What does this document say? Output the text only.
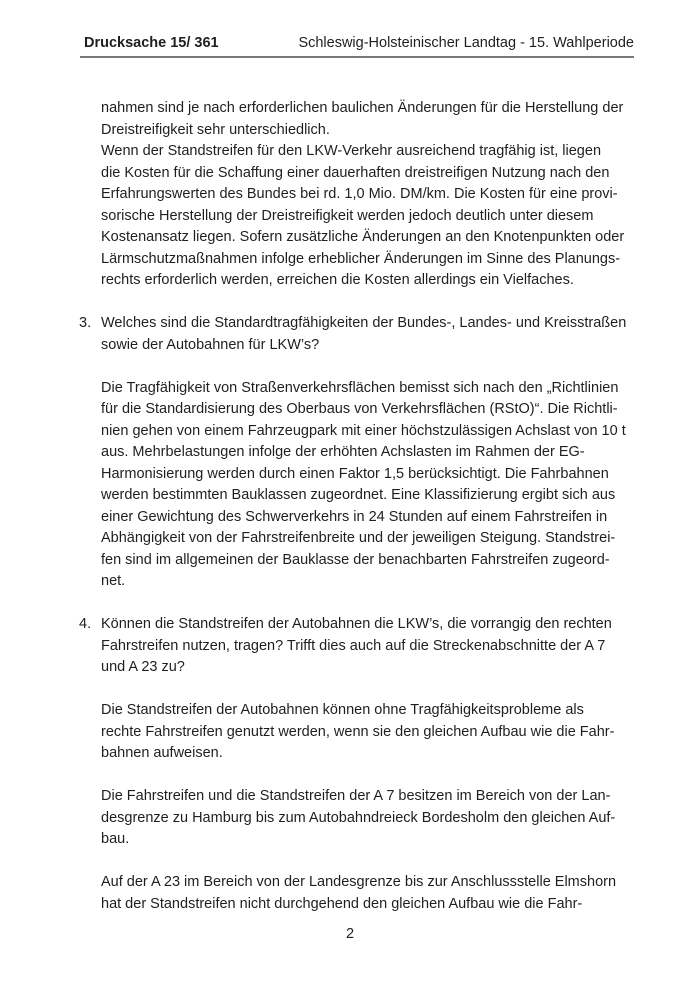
Drucksache 15/ 361	Schleswig-Holsteinischer Landtag - 15. Wahlperiode
nahmen sind je nach erforderlichen baulichen Änderungen für die Herstellung der
Dreistreifigkeit sehr unterschiedlich.
Wenn der Standstreifen für den LKW-Verkehr ausreichend tragfähig ist, liegen
die Kosten für die Schaffung einer dauerhaften dreistreifigen Nutzung nach den
Erfahrungswerten des Bundes bei rd. 1,0 Mio. DM/km. Die Kosten für eine provi-
sorische Herstellung der Dreistreifigkeit werden jedoch deutlich unter diesem
Kostenansatz liegen. Sofern zusätzliche Änderungen an den Knotenpunkten oder
Lärmschutzmaßnahmen infolge erheblicher Änderungen im Sinne des Planungs-
rechts erforderlich werden, erreichen die Kosten allerdings ein Vielfaches.
3. Welches sind die Standardtragfähigkeiten der Bundes-, Landes- und Kreisstraßen
sowie der Autobahnen für LKW’s?
Die Tragfähigkeit von Straßenverkehrsflächen bemisst sich nach den „Richtlinien
für die Standardisierung des Oberbaus von Verkehrsflächen (RStO)“. Die Richtli-
nien gehen von einem Fahrzeugpark mit einer höchstzulässigen Achslast von 10 t
aus. Mehrbelastungen infolge der erhöhten Achslasten im Rahmen der EG-
Harmonisierung werden durch einen Faktor 1,5 berücksichtigt. Die Fahrbahnen
werden bestimmten Bauklassen zugeordnet. Eine Klassifizierung ergibt sich aus
einer Gewichtung des Schwerverkehrs in 24 Stunden auf einem Fahrstreifen in
Abhängigkeit von der Fahrstreifenbreite und der jeweiligen Steigung. Standstrei-
fen sind im allgemeinen der Bauklasse der benachbarten Fahrstreifen zugeord-
net.
4. Können die Standstreifen der Autobahnen die LKW’s, die vorrangig den rechten
Fahrstreifen nutzen, tragen? Trifft dies auch auf die Streckenabschnitte der A 7
und A 23 zu?
Die Standstreifen der Autobahnen können ohne Tragfähigkeitsprobleme als
rechte Fahrstreifen genutzt werden, wenn sie den gleichen Aufbau wie die Fahr-
bahnen aufweisen.
Die Fahrstreifen und die Standstreifen der A 7 besitzen im Bereich von der Lan-
desgrenze zu Hamburg bis zum Autobahndreieck Bordesholm den gleichen Auf-
bau.
Auf der A 23 im Bereich von der Landesgrenze bis zur Anschlussstelle Elmshorn
hat der Standstreifen nicht durchgehend den gleichen Aufbau wie die Fahr-
2
